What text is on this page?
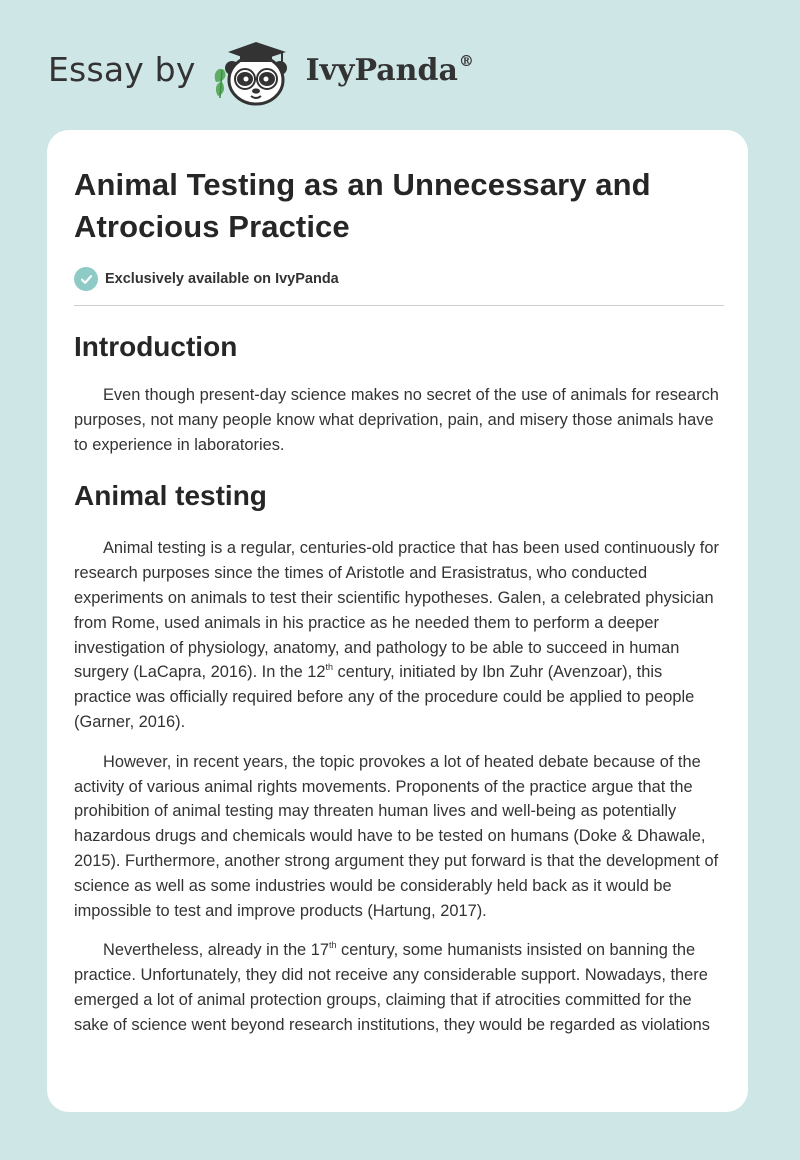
Essay by	IvyPanda®
Animal Testing as an Unnecessary and Atrocious Practice
Exclusively available on IvyPanda
Introduction

Even though present-day science makes no secret of the use of animals for research purposes, not many people know what deprivation, pain, and misery those animals have to experience in laboratories.

Animal testing

Animal testing is a regular, centuries-old practice that has been used continuously for research purposes since the times of Aristotle and Erasistratus, who conducted experiments on animals to test their scientific hypotheses. Galen, a celebrated physician from Rome, used animals in his practice as he needed them to perform a deeper investigation of physiology, anatomy, and pathology to be able to succeed in human surgery (LaCapra, 2016). In the 12th century, initiated by Ibn Zuhr (Avenzoar), this practice was officially required before any of the procedure could be applied to people (Garner, 2016).

However, in recent years, the topic provokes a lot of heated debate because of the activity of various animal rights movements. Proponents of the practice argue that the prohibition of animal testing may threaten human lives and well-being as potentially hazardous drugs and chemicals would have to be tested on humans (Doke & Dhawale, 2015). Furthermore, another strong argument they put forward is that the development of science as well as some industries would be considerably held back as it would be impossible to test and improve products (Hartung, 2017).

Nevertheless, already in the 17th century, some humanists insisted on banning the practice. Unfortunately, they did not receive any considerable support. Nowadays, there emerged a lot of animal protection groups, claiming that if atrocities committed for the sake of science went beyond research institutions, they would be regarded as violations
